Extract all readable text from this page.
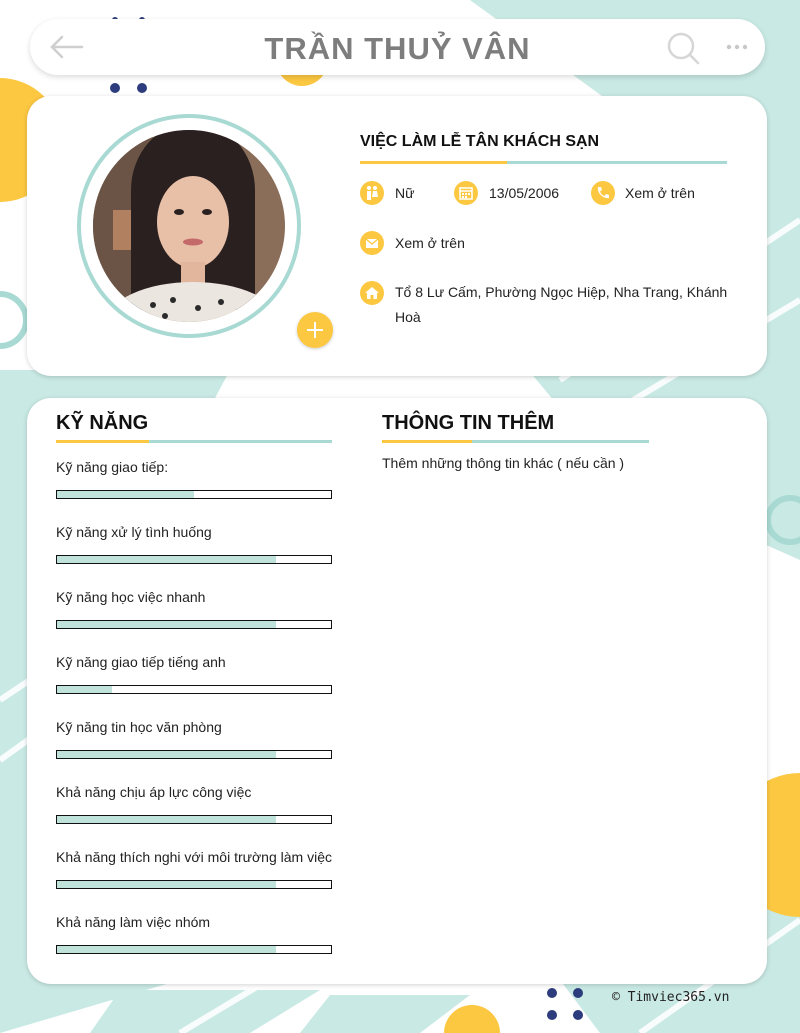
TRẦN THUỶ VÂN
VIỆC LÀM LỄ TÂN KHÁCH SẠN
Nữ	13/05/2006	Xem ở trên
Xem ở trên
Tổ 8 Lư Cấm, Phường Ngọc Hiệp, Nha Trang, Khánh Hoà
KỸ NĂNG
Kỹ năng giao tiếp:
Kỹ năng xử lý tình huống
Kỹ năng học việc nhanh
Kỹ năng giao tiếp tiếng anh
Kỹ năng tin học văn phòng
Khả năng chịu áp lực công việc
Khả năng thích nghi với môi trường làm việc
Khả năng làm việc nhóm
THÔNG TIN THÊM
Thêm những thông tin khác ( nếu cần )
© Timviec365.vn
